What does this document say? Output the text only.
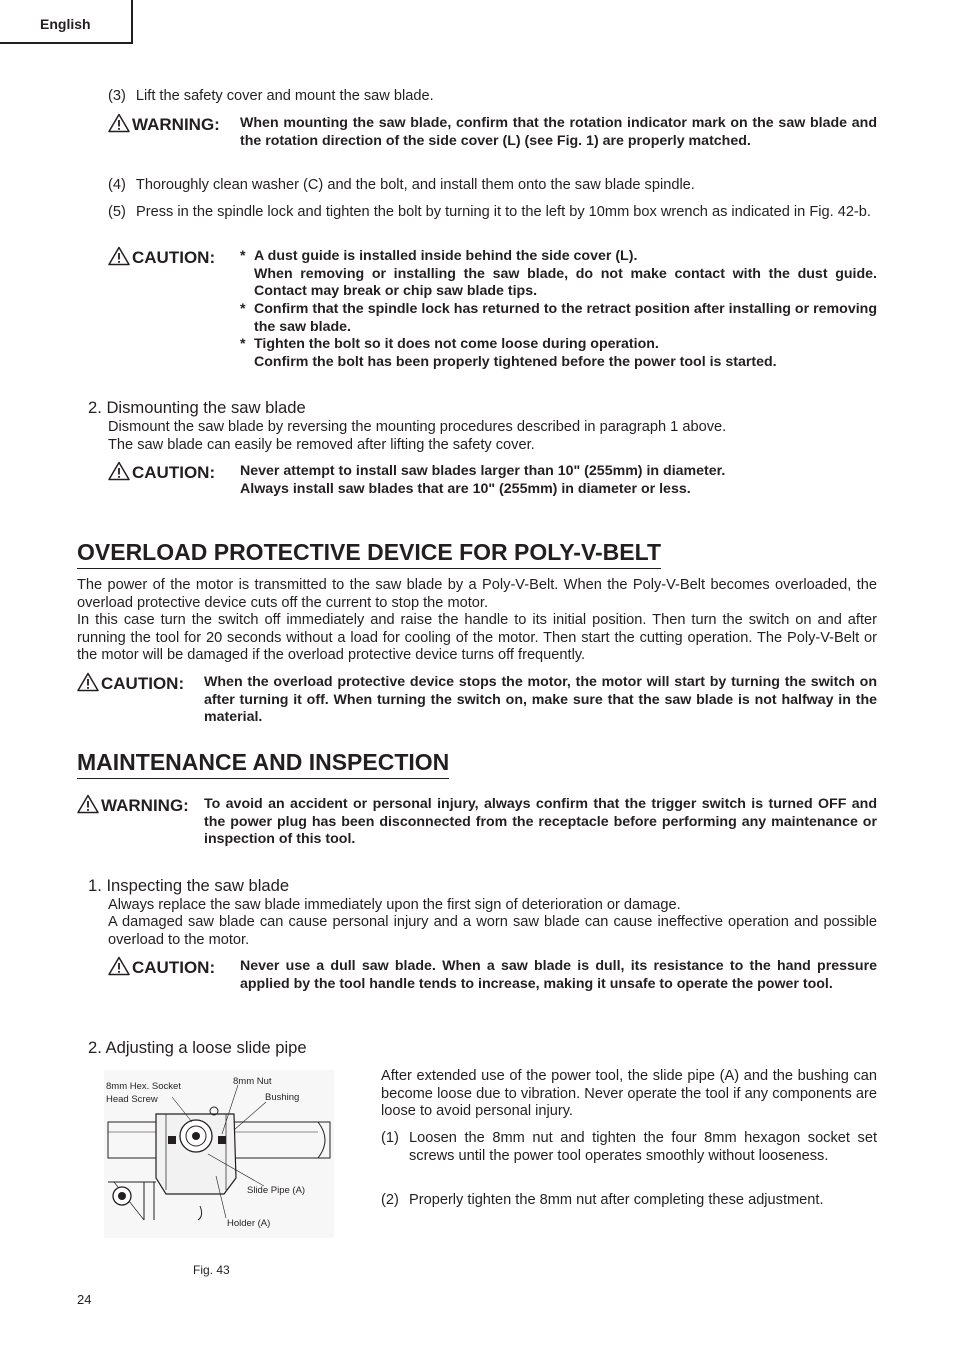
English
(3) Lift the safety cover and mount the saw blade.
WARNING: When mounting the saw blade, confirm that the rotation indicator mark on the saw blade and the rotation direction of the side cover (L) (see Fig. 1) are properly matched.
(4) Thoroughly clean washer (C) and the bolt, and install them onto the saw blade spindle.
(5) Press in the spindle lock and tighten the bolt by turning it to the left by 10mm box wrench as indicated in Fig. 42-b.
CAUTION: * A dust guide is installed inside behind the side cover (L).
When removing or installing the saw blade, do not make contact with the dust guide. Contact may break or chip saw blade tips.
* Confirm that the spindle lock has returned to the retract position after installing or removing the saw blade.
* Tighten the bolt so it does not come loose during operation.
Confirm the bolt has been properly tightened before the power tool is started.
2. Dismounting the saw blade
Dismount the saw blade by reversing the mounting procedures described in paragraph 1 above.
The saw blade can easily be removed after lifting the safety cover.
CAUTION: Never attempt to install saw blades larger than 10" (255mm) in diameter.
Always install saw blades that are 10" (255mm) in diameter or less.
OVERLOAD PROTECTIVE DEVICE FOR POLY-V-BELT
The power of the motor is transmitted to the saw blade by a Poly-V-Belt. When the Poly-V-Belt becomes overloaded, the overload protective device cuts off the current to stop the motor.
In this case turn the switch off immediately and raise the handle to its initial position. Then turn the switch on and after running the tool for 20 seconds without a load for cooling of the motor. Then start the cutting operation. The Poly-V-Belt or the motor will be damaged if the overload protective device turns off frequently.
CAUTION: When the overload protective device stops the motor, the motor will start by turning the switch on after turning it off. When turning the switch on, make sure that the saw blade is not halfway in the material.
MAINTENANCE AND INSPECTION
WARNING: To avoid an accident or personal injury, always confirm that the trigger switch is turned OFF and the power plug has been disconnected from the receptacle before performing any maintenance or inspection of this tool.
1. Inspecting the saw blade
Always replace the saw blade immediately upon the first sign of deterioration or damage.
A damaged saw blade can cause personal injury and a worn saw blade can cause ineffective operation and possible overload to the motor.
CAUTION: Never use a dull saw blade. When a saw blade is dull, its resistance to the hand pressure applied by the tool handle tends to increase, making it unsafe to operate the power tool.
2. Adjusting a loose slide pipe
After extended use of the power tool, the slide pipe (A) and the bushing can become loose due to vibration. Never operate the tool if any components are loose to avoid personal injury.
(1) Loosen the 8mm nut and tighten the four 8mm hexagon socket set screws until the power tool operates smoothly without looseness.
(2) Properly tighten the 8mm nut after completing these adjustment.
8mm Hex. Socket
Head Screw
8mm Nut
Bushing
Slide Pipe (A)
Holder (A)
Fig. 43
24
